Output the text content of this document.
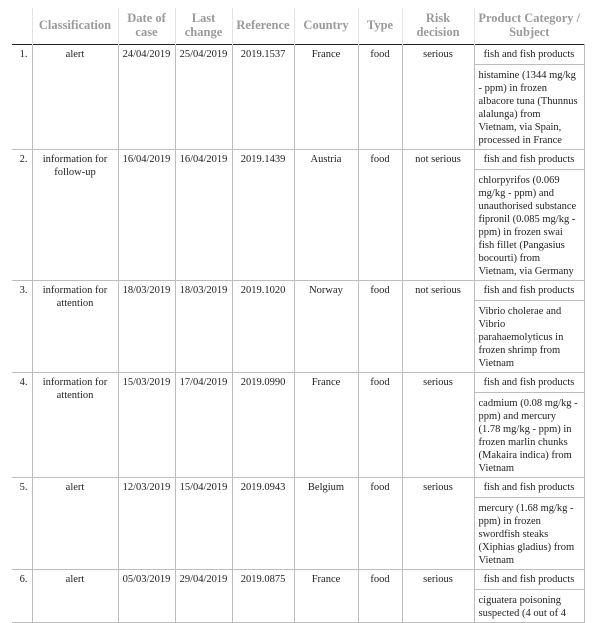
	Classification	Date of case	Last change	Reference	Country	Type	Risk decision	Product Category / Subject
1.	alert	24/04/2019	25/04/2019	2019.1537	France	food	serious	fish and fish products
histamine (1344 mg/kg - ppm) in frozen albacore tuna (Thunnus alalunga) from Vietnam, via Spain, processed in France

2.	information for follow-up	16/04/2019	16/04/2019	2019.1439	Austria	food	not serious	fish and fish products
chlorpyrifos (0.069 mg/kg - ppm) and unauthorised substance fipronil (0.085 mg/kg - ppm) in frozen swai fish fillet (Pangasius bocourti) from Vietnam, via Germany

3.	information for attention	18/03/2019	18/03/2019	2019.1020	Norway	food	not serious	fish and fish products
Vibrio cholerae and Vibrio parahaemolyticus in frozen shrimp from Vietnam

4.	information for attention	15/03/2019	17/04/2019	2019.0990	France	food	serious	fish and fish products
cadmium (0.08 mg/kg - ppm) and mercury (1.78 mg/kg - ppm) in frozen marlin chunks (Makaira indica) from Vietnam

5.	alert	12/03/2019	15/04/2019	2019.0943	Belgium	food	serious	fish and fish products
mercury (1.68 mg/kg - ppm) in frozen swordfish steaks (Xiphias gladius) from Vietnam

6.	alert	05/03/2019	29/04/2019	2019.0875	France	food	serious	fish and fish products
ciguatera poisoning suspected (4 out of 4
